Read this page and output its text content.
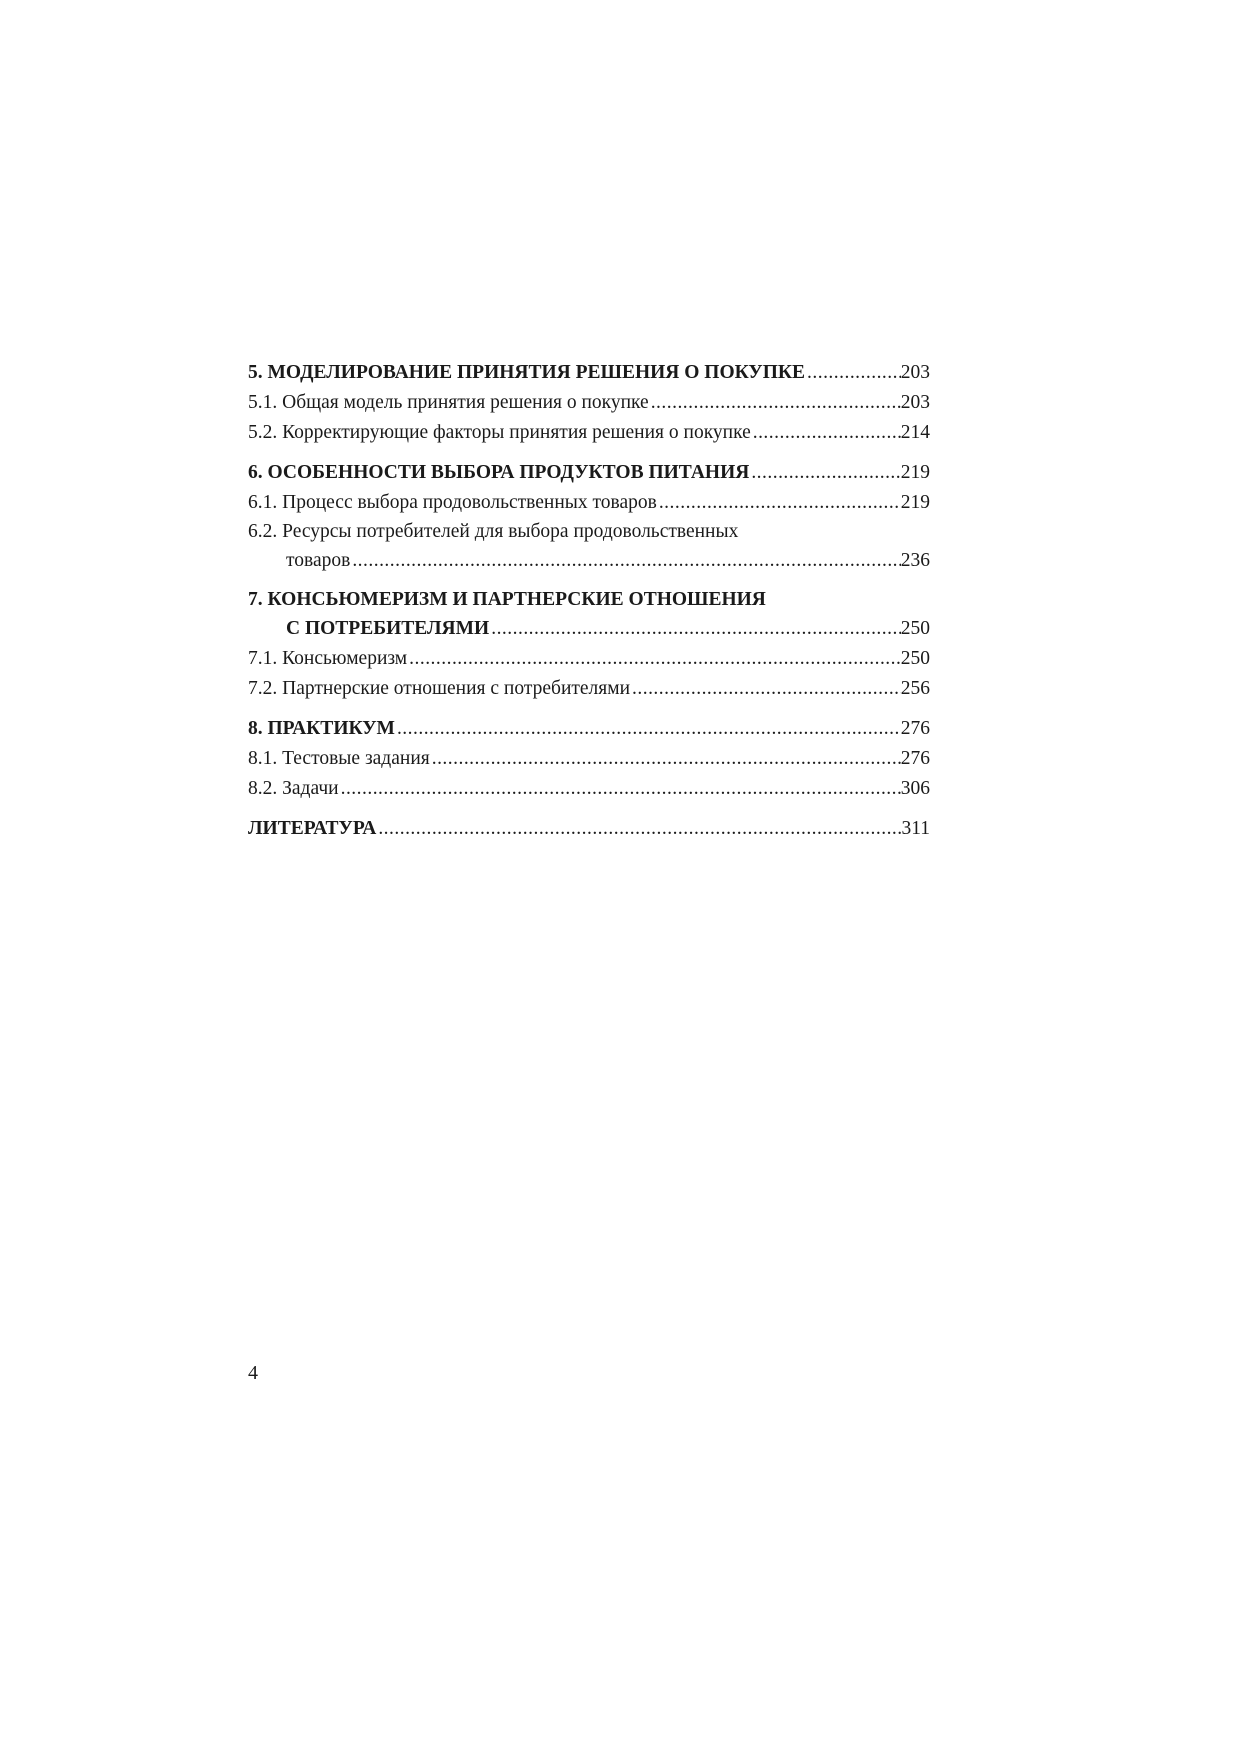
5. МОДЕЛИРОВАНИЕ ПРИНЯТИЯ РЕШЕНИЯ О ПОКУПКЕ . . .	203
5.1. Общая модель принятия решения о покупке . . .	203
5.2. Корректирующие факторы принятия решения о покупке . . .	214
6. ОСОБЕННОСТИ ВЫБОРА ПРОДУКТОВ ПИТАНИЯ . . .	219
6.1. Процесс выбора продовольственных товаров . . .	219
6.2. Ресурсы потребителей для выбора продовольственных
товаров . . .	236
7. КОНСЬЮМЕРИЗМ И ПАРТНЕРСКИЕ ОТНОШЕНИЯ
С ПОТРЕБИТЕЛЯМИ . . .	250
7.1. Консьюмеризм . . .	250
7.2. Партнерские отношения с потребителями . . .	256
8. ПРАКТИКУМ . . .	276
8.1. Тестовые задания . . .	276
8.2. Задачи . . .	306
ЛИТЕРАТУРА . . .	311
4
